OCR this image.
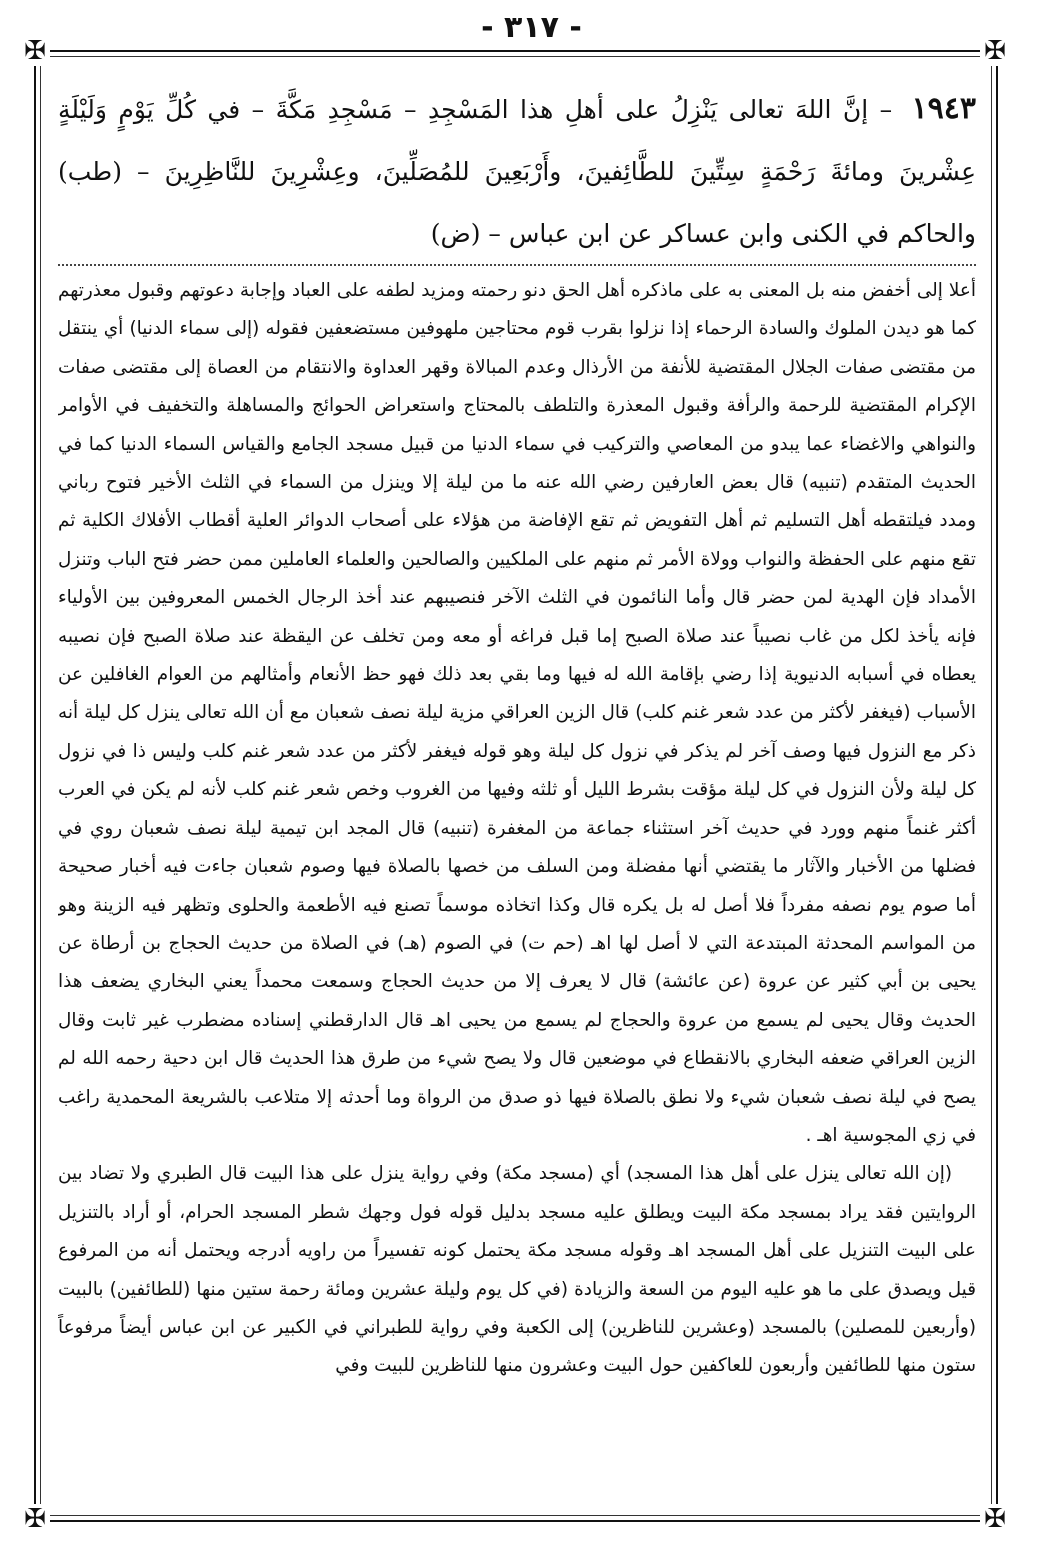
- ٣١٧ -
✠	✠
✠	✠
١٩٤٣ – إنَّ اللهَ تعالى يَنْزِلُ على أهلِ هذا المَسْجِدِ – مَسْجِدِ مَكَّةَ – في كُلِّ يَوْمٍ وَلَيْلَةٍ عِشْرينَ ومائةَ رَحْمَةٍ سِتِّينَ للطَّائِفينَ، وأَرْبَعِينَ للمُصَلِّينَ، وعِشْرِينَ للنَّاظِرِينَ – (طب) والحاكم في الكنى وابن عساكر عن ابن عباس – (ض)

أعلا إلى أخفض منه بل المعنى به على ماذكره أهل الحق دنو رحمته ومزيد لطفه على العباد وإجابة دعوتهم وقبول معذرتهم كما هو ديدن الملوك والسادة الرحماء إذا نزلوا بقرب قوم محتاجين ملهوفين مستضعفين فقوله (إلى سماء الدنيا) أي ينتقل من مقتضى صفات الجلال المقتضية للأنفة من الأرذال وعدم المبالاة وقهر العداوة والانتقام من العصاة إلى مقتضى صفات الإكرام المقتضية للرحمة والرأفة وقبول المعذرة والتلطف بالمحتاج واستعراض الحوائج والمساهلة والتخفيف في الأوامر والنواهي والاغضاء عما يبدو من المعاصي والتركيب في سماء الدنيا من قبيل مسجد الجامع والقياس السماء الدنيا كما في الحديث المتقدم (تنبيه) قال بعض العارفين رضي الله عنه ما من ليلة إلا وينزل من السماء في الثلث الأخير فتوح رباني ومدد فيلتقطه أهل التسليم ثم أهل التفويض ثم تقع الإفاضة من هؤلاء على أصحاب الدوائر العلية أقطاب الأفلاك الكلية ثم تقع منهم على الحفظة والنواب وولاة الأمر ثم منهم على الملكيين والصالحين والعلماء العاملين ممن حضر فتح الباب وتنزل الأمداد فإن الهدية لمن حضر قال وأما النائمون في الثلث الآخر فنصيبهم عند أخذ الرجال الخمس المعروفين بين الأولياء فإنه يأخذ لكل من غاب نصيباً عند صلاة الصبح إما قبل فراغه أو معه ومن تخلف عن اليقظة عند صلاة الصبح فإن نصيبه يعطاه في أسبابه الدنيوية إذا رضي بإقامة الله له فيها وما بقي بعد ذلك فهو حظ الأنعام وأمثالهم من العوام الغافلين عن الأسباب (فيغفر لأكثر من عدد شعر غنم كلب) قال الزين العراقي مزية ليلة نصف شعبان مع أن الله تعالى ينزل كل ليلة أنه ذكر مع النزول فيها وصف آخر لم يذكر في نزول كل ليلة وهو قوله فيغفر لأكثر من عدد شعر غنم كلب وليس ذا في نزول كل ليلة ولأن النزول في كل ليلة مؤقت بشرط الليل أو ثلثه وفيها من الغروب وخص شعر غنم كلب لأنه لم يكن في العرب أكثر غنماً منهم وورد في حديث آخر استثناء جماعة من المغفرة (تنبيه) قال المجد ابن تيمية ليلة نصف شعبان روي في فضلها من الأخبار والآثار ما يقتضي أنها مفضلة ومن السلف من خصها بالصلاة فيها وصوم شعبان جاءت فيه أخبار صحيحة أما صوم يوم نصفه مفرداً فلا أصل له بل يكره قال وكذا اتخاذه موسماً تصنع فيه الأطعمة والحلوى وتظهر فيه الزينة وهو من المواسم المحدثة المبتدعة التي لا أصل لها اهـ (حم ت) في الصوم (هـ) في الصلاة من حديث الحجاج بن أرطاة عن يحيى بن أبي كثير عن عروة (عن عائشة) قال لا يعرف إلا من حديث الحجاج وسمعت محمداً يعني البخاري يضعف هذا الحديث وقال يحيى لم يسمع من عروة والحجاج لم يسمع من يحيى اهـ قال الدارقطني إسناده مضطرب غير ثابت وقال الزين العراقي ضعفه البخاري بالانقطاع في موضعين قال ولا يصح شيء من طرق هذا الحديث قال ابن دحية رحمه الله لم يصح في ليلة نصف شعبان شيء ولا نطق بالصلاة فيها ذو صدق من الرواة وما أحدثه إلا متلاعب بالشريعة المحمدية راغب في زي المجوسية اهـ .

(إن الله تعالى ينزل على أهل هذا المسجد) أي (مسجد مكة) وفي رواية ينزل على هذا البيت قال الطبري ولا تضاد بين الروايتين فقد يراد بمسجد مكة البيت ويطلق عليه مسجد بدليل قوله فول وجهك شطر المسجد الحرام، أو أراد بالتنزيل على البيت التنزيل على أهل المسجد اهـ وقوله مسجد مكة يحتمل كونه تفسيراً من راويه أدرجه ويحتمل أنه من المرفوع قيل ويصدق على ما هو عليه اليوم من السعة والزيادة (في كل يوم وليلة عشرين ومائة رحمة ستين منها (للطائفين) بالبيت (وأربعين للمصلين) بالمسجد (وعشرين للناظرين) إلى الكعبة وفي رواية للطبراني في الكبير عن ابن عباس أيضاً مرفوعاً ستون منها للطائفين وأربعون للعاكفين حول البيت وعشرون منها للناظرين للبيت وفي
